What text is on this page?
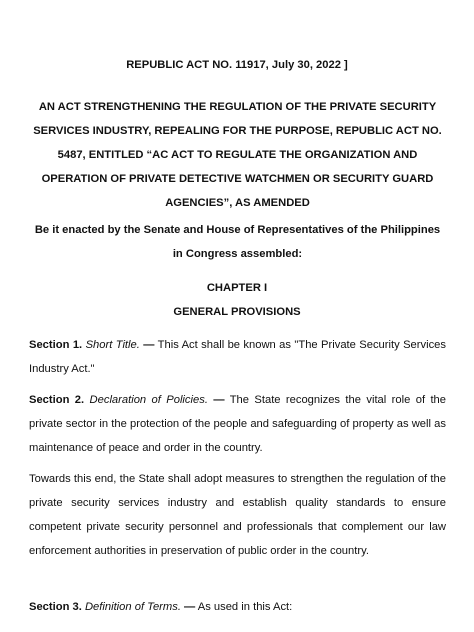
REPUBLIC ACT NO. 11917, July 30, 2022 ]

AN ACT STRENGTHENING THE REGULATION OF THE PRIVATE SECURITY

SERVICES INDUSTRY, REPEALING FOR THE PURPOSE, REPUBLIC ACT NO.

5487, ENTITLED “AC ACT TO REGULATE THE ORGANIZATION AND

OPERATION OF PRIVATE DETECTIVE WATCHMEN OR SECURITY GUARD

AGENCIES”, AS AMENDED

Be it enacted by the Senate and House of Representatives of the Philippines

in Congress assembled:

CHAPTER I

GENERAL PROVISIONS

Section 1. Short Title. — This Act shall be known as "The Private Security Services Industry Act."
Section 2. Declaration of Policies. — The State recognizes the vital role of the private sector in the protection of the people and safeguarding of property as well as maintenance of peace and order in the country.
Towards this end, the State shall adopt measures to strengthen the regulation of the private security services industry and establish quality standards to ensure competent private security personnel and professionals that complement our law enforcement authorities in preservation of public order in the country.
Section 3. Definition of Terms. — As used in this Act:
